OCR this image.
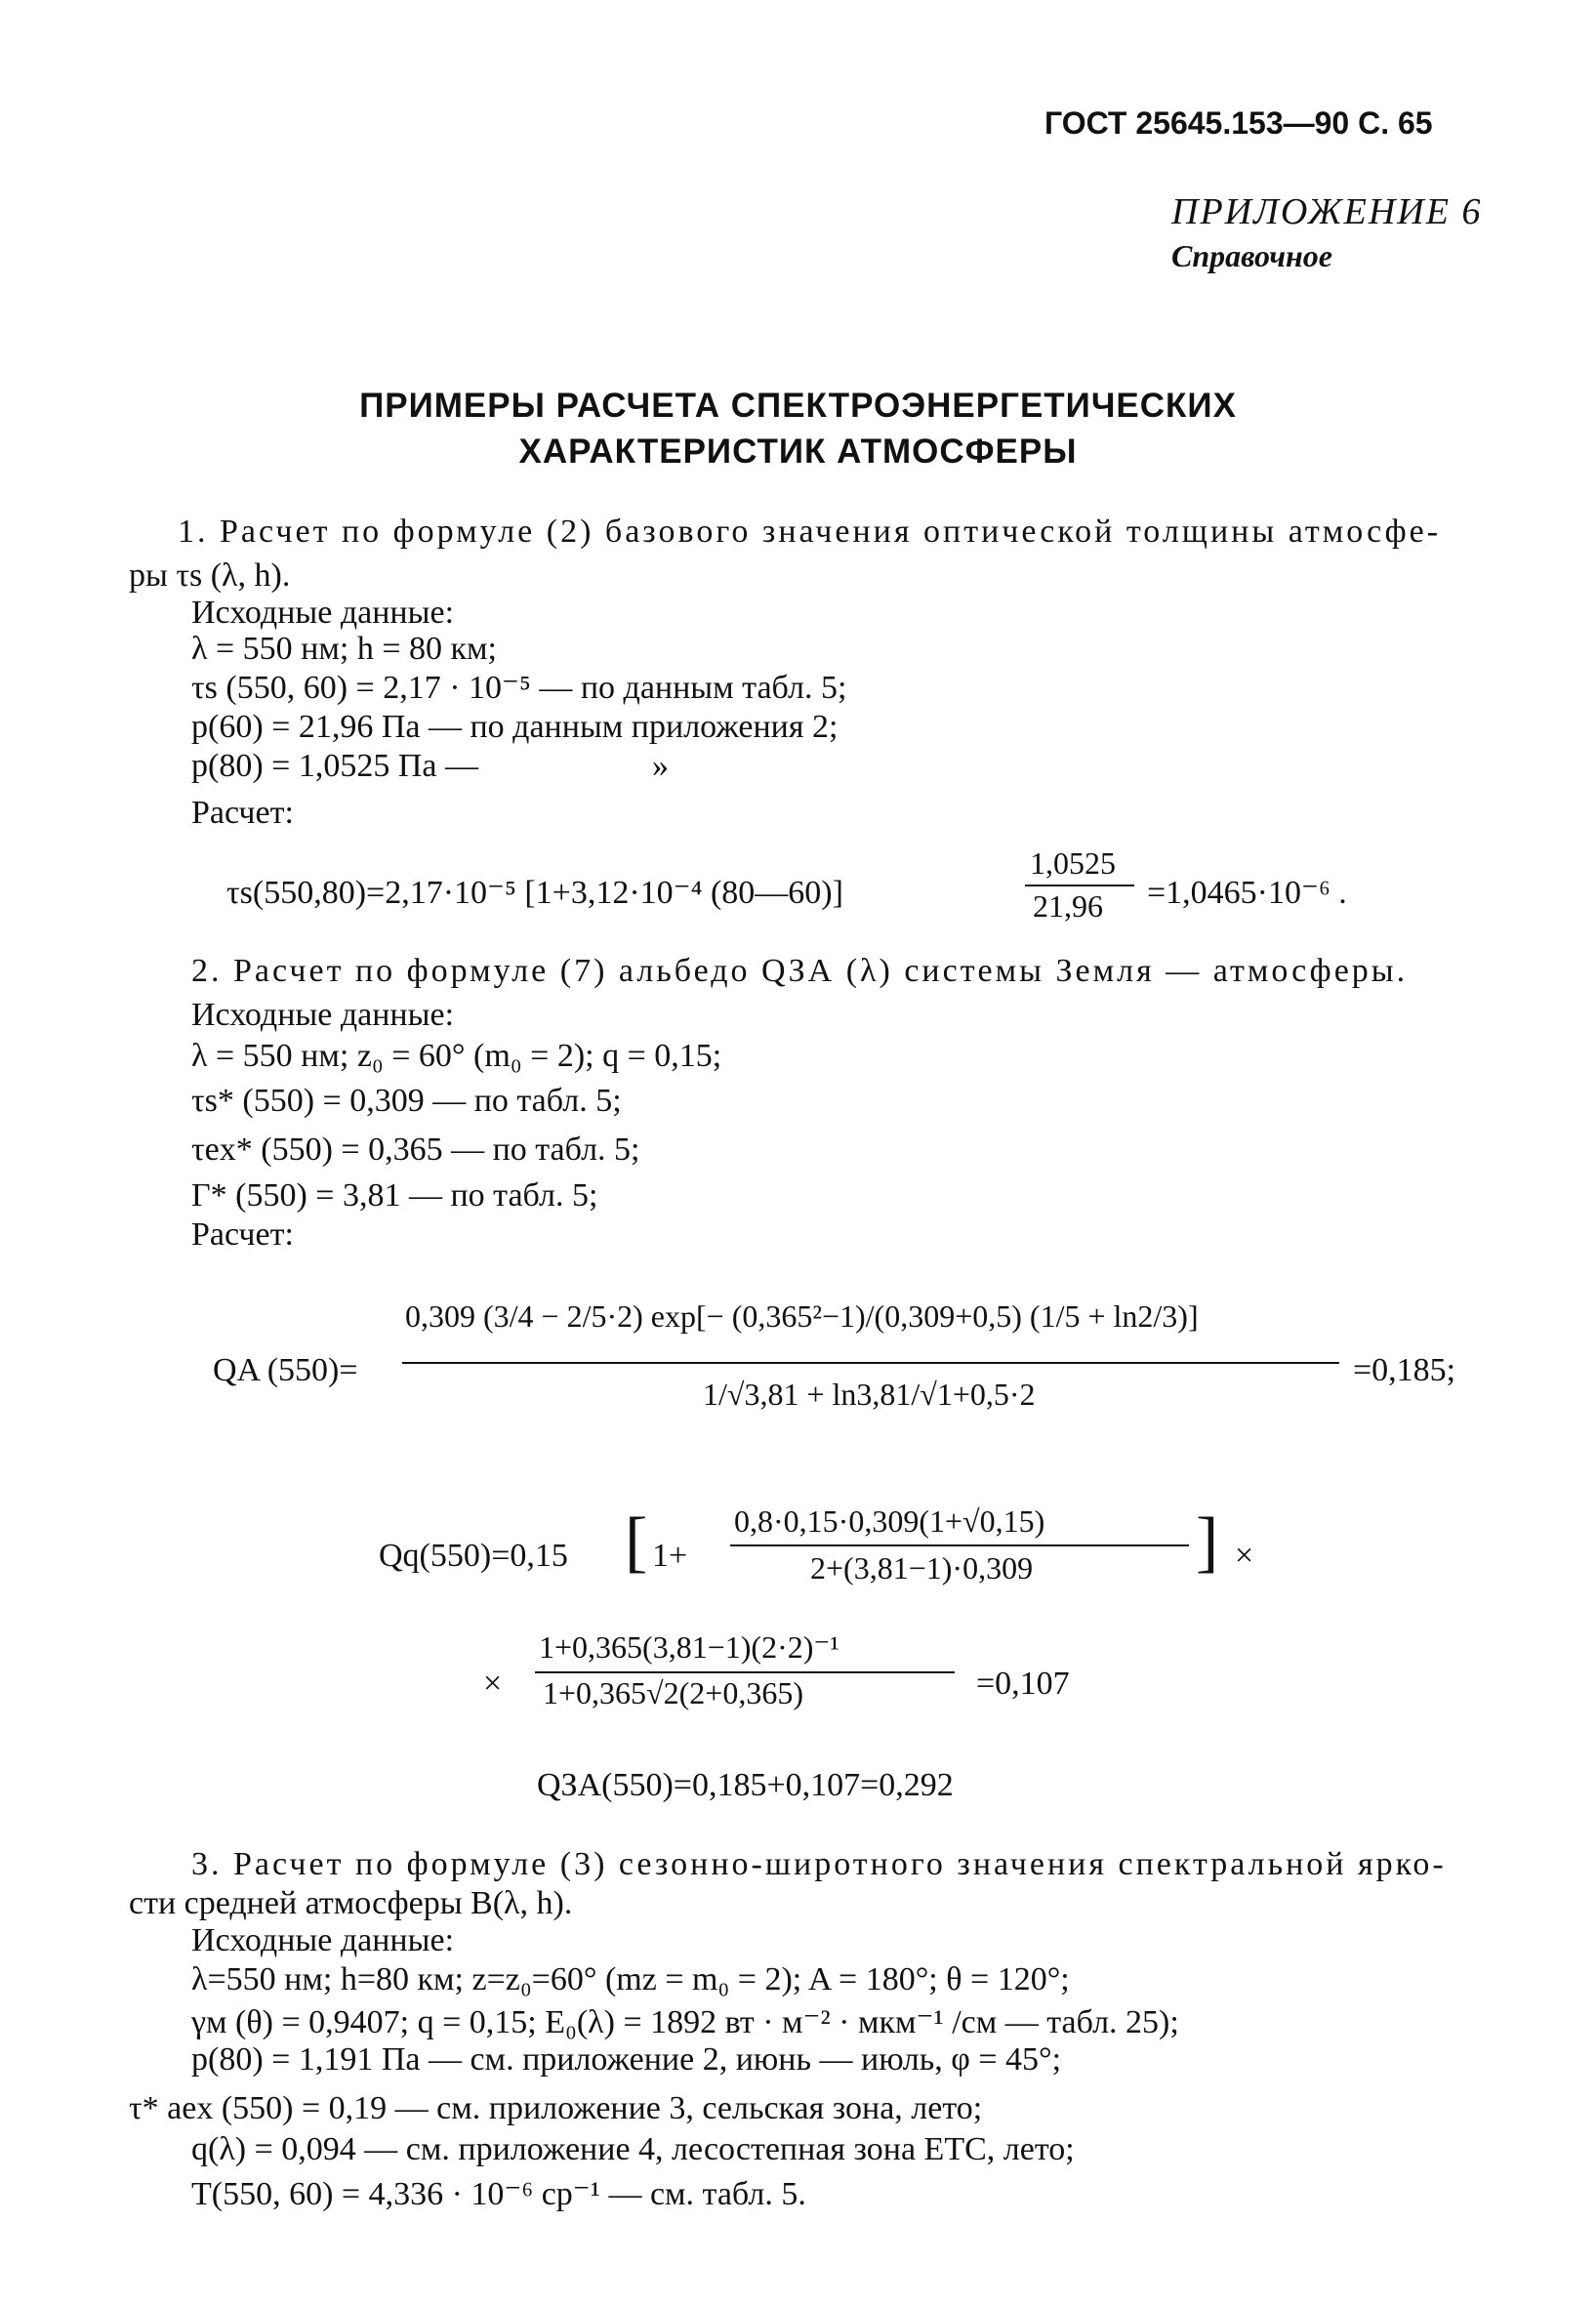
ГОСТ 25645.153—90 С. 65
ПРИЛОЖЕНИЕ 6
Справочное
ПРИМЕРЫ РАСЧЕТА СПЕКТРОЭНЕРГЕТИЧЕСКИХ
ХАРАКТЕРИСТИК АТМОСФЕРЫ
1. Расчет по формуле (2) базового значения оптической толщины атмосфе-
ры τs (λ, h).
Исходные данные:
λ = 550 нм; h = 80 км;
τs (550, 60) = 2,17 · 10⁻⁵ — по данным табл. 5;
p(60) = 21,96 Па — по данным приложения 2;
p(80) = 1,0525 Па —	»
Расчет:
τs(550,80)=2,17·10⁻⁵ [1+3,12·10⁻⁴ (80—60)]
1,0525
21,96 =1,0465·10⁻⁶ .
2. Расчет по формуле (7) альбедо QЗА (λ) системы Земля — атмосферы.
Исходные данные:
λ = 550 нм; z₀ = 60° (m₀ = 2); q = 0,15;
τs* (550) = 0,309 — по табл. 5;
τex* (550) = 0,365 — по табл. 5;
Г* (550) = 3,81 — по табл. 5;
Расчет:
QA (550)=
0,309 (3/4 − 2/5·2) exp[− (0,365²−1)/(0,309+0,5) (1/5 + ln2/3)]
1/√3,81 + ln3,81/√1+0,5·2
=0,185;
Qq(550)=0,15 [ 1+
0,8·0,15·0,309(1+√0,15)
2+(3,81−1)·0,309 ] ×
×
1+0,365(3,81−1)(2·2)⁻¹
1+0,365√2(2+0,365)	=0,107
QЗА(550)=0,185+0,107=0,292
3. Расчет по формуле (3) сезонно-широтного значения спектральной ярко-
сти средней атмосферы B(λ, h).
Исходные данные:
λ=550 нм; h=80 км; z=z₀=60° (mz = m₀ = 2); A = 180°; θ = 120°;
γм (θ) = 0,9407; q = 0,15; E₀(λ) = 1892 вт · м⁻² · мкм⁻¹ /см — табл. 25);
p(80) = 1,191 Па — см. приложение 2, июнь — июль, φ = 45°;
τ* aex (550) = 0,19 — см. приложение 3, сельская зона, лето;
q(λ) = 0,094 — см. приложение 4, лесостепная зона ЕТС, лето;
T(550, 60) = 4,336 · 10⁻⁶ ср⁻¹ — см. табл. 5.
